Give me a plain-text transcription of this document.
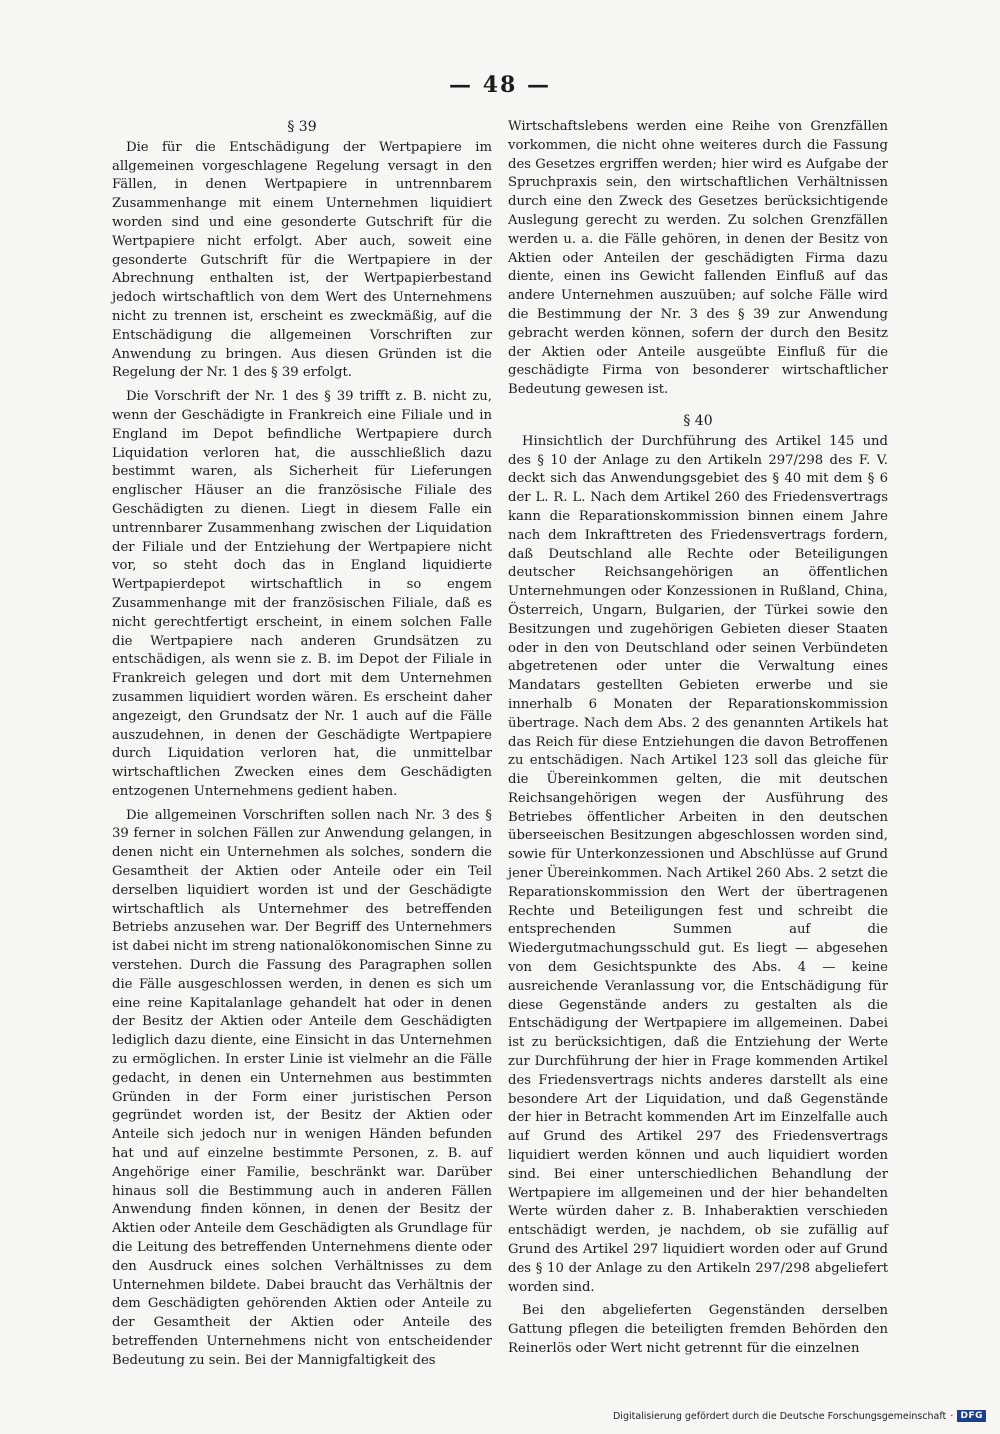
— 48 —
§ 39

Die für die Entschädigung der Wertpapiere im allgemeinen vorgeschlagene Regelung versagt in den Fällen, in denen Wertpapiere in untrennbarem Zusammenhange mit einem Unternehmen liquidiert worden sind und eine gesonderte Gutschrift für die Wertpapiere nicht erfolgt. Aber auch, soweit eine gesonderte Gutschrift für die Wertpapiere in der Abrechnung enthalten ist, der Wertpapierbestand jedoch wirtschaftlich von dem Wert des Unternehmens nicht zu trennen ist, erscheint es zweckmäßig, auf die Entschädigung die allgemeinen Vorschriften zur Anwendung zu bringen. Aus diesen Gründen ist die Regelung der Nr. 1 des § 39 erfolgt.

Die Vorschrift der Nr. 1 des § 39 trifft z. B. nicht zu, wenn der Geschädigte in Frankreich eine Filiale und in England im Depot befindliche Wertpapiere durch Liquidation verloren hat, die ausschließlich dazu bestimmt waren, als Sicherheit für Lieferungen englischer Häuser an die französische Filiale des Geschädigten zu dienen. Liegt in diesem Falle ein untrennbarer Zusammenhang zwischen der Liquidation der Filiale und der Entziehung der Wertpapiere nicht vor, so steht doch das in England liquidierte Wertpapierdepot wirtschaftlich in so engem Zusammenhange mit der französischen Filiale, daß es nicht gerechtfertigt erscheint, in einem solchen Falle die Wertpapiere nach anderen Grundsätzen zu entschädigen, als wenn sie z. B. im Depot der Filiale in Frankreich gelegen und dort mit dem Unternehmen zusammen liquidiert worden wären. Es erscheint daher angezeigt, den Grundsatz der Nr. 1 auch auf die Fälle auszudehnen, in denen der Geschädigte Wertpapiere durch Liquidation verloren hat, die unmittelbar wirtschaftlichen Zwecken eines dem Geschädigten entzogenen Unternehmens gedient haben.

Die allgemeinen Vorschriften sollen nach Nr. 3 des § 39 ferner in solchen Fällen zur Anwendung gelangen, in denen nicht ein Unternehmen als solches, sondern die Gesamtheit der Aktien oder Anteile oder ein Teil derselben liquidiert worden ist und der Geschädigte wirtschaftlich als Unternehmer des betreffenden Betriebs anzusehen war. Der Begriff des Unternehmers ist dabei nicht im streng nationalökonomischen Sinne zu verstehen. Durch die Fassung des Paragraphen sollen die Fälle ausgeschlossen werden, in denen es sich um eine reine Kapitalanlage gehandelt hat oder in denen der Besitz der Aktien oder Anteile dem Geschädigten lediglich dazu diente, eine Einsicht in das Unternehmen zu ermöglichen. In erster Linie ist vielmehr an die Fälle gedacht, in denen ein Unternehmen aus bestimmten Gründen in der Form einer juristischen Person gegründet worden ist, der Besitz der Aktien oder Anteile sich jedoch nur in wenigen Händen befunden hat und auf einzelne bestimmte Personen, z. B. auf Angehörige einer Familie, beschränkt war. Darüber hinaus soll die Bestimmung auch in anderen Fällen Anwendung finden können, in denen der Besitz der Aktien oder Anteile dem Geschädigten als Grundlage für die Leitung des betreffenden Unternehmens diente oder den Ausdruck eines solchen Verhältnisses zu dem Unternehmen bildete. Dabei braucht das Verhältnis der dem Geschädigten gehörenden Aktien oder Anteile zu der Gesamtheit der Aktien oder Anteile des betreffenden Unternehmens nicht von entscheidender Bedeutung zu sein. Bei der Mannigfaltigkeit des

Wirtschaftslebens werden eine Reihe von Grenzfällen vorkommen, die nicht ohne weiteres durch die Fassung des Gesetzes ergriffen werden; hier wird es Aufgabe der Spruchpraxis sein, den wirtschaftlichen Verhältnissen durch eine den Zweck des Gesetzes berücksichtigende Auslegung gerecht zu werden. Zu solchen Grenzfällen werden u. a. die Fälle gehören, in denen der Besitz von Aktien oder Anteilen der geschädigten Firma dazu diente, einen ins Gewicht fallenden Einfluß auf das andere Unternehmen auszuüben; auf solche Fälle wird die Bestimmung der Nr. 3 des § 39 zur Anwendung gebracht werden können, sofern der durch den Besitz der Aktien oder Anteile ausgeübte Einfluß für die geschädigte Firma von besonderer wirtschaftlicher Bedeutung gewesen ist.

§ 40

Hinsichtlich der Durchführung des Artikel 145 und des § 10 der Anlage zu den Artikeln 297/298 des F. V. deckt sich das Anwendungsgebiet des § 40 mit dem § 6 der L. R. L. Nach dem Artikel 260 des Friedensvertrags kann die Reparationskommission binnen einem Jahre nach dem Inkrafttreten des Friedensvertrags fordern, daß Deutschland alle Rechte oder Beteiligungen deutscher Reichsangehörigen an öffentlichen Unternehmungen oder Konzessionen in Rußland, China, Österreich, Ungarn, Bulgarien, der Türkei sowie den Besitzungen und zugehörigen Gebieten dieser Staaten oder in den von Deutschland oder seinen Verbündeten abgetretenen oder unter die Verwaltung eines Mandatars gestellten Gebieten erwerbe und sie innerhalb 6 Monaten der Reparationskommission übertrage. Nach dem Abs. 2 des genannten Artikels hat das Reich für diese Entziehungen die davon Betroffenen zu entschädigen. Nach Artikel 123 soll das gleiche für die Übereinkommen gelten, die mit deutschen Reichsangehörigen wegen der Ausführung des Betriebes öffentlicher Arbeiten in den deutschen überseeischen Besitzungen abgeschlossen worden sind, sowie für Unterkonzessionen und Abschlüsse auf Grund jener Übereinkommen. Nach Artikel 260 Abs. 2 setzt die Reparationskommission den Wert der übertragenen Rechte und Beteiligungen fest und schreibt die entsprechenden Summen auf die Wiedergutmachungsschuld gut. Es liegt — abgesehen von dem Gesichtspunkte des Abs. 4 — keine ausreichende Veranlassung vor, die Entschädigung für diese Gegenstände anders zu gestalten als die Entschädigung der Wertpapiere im allgemeinen. Dabei ist zu berücksichtigen, daß die Entziehung der Werte zur Durchführung der hier in Frage kommenden Artikel des Friedensvertrags nichts anderes darstellt als eine besondere Art der Liquidation, und daß Gegenstände der hier in Betracht kommenden Art im Einzelfalle auch auf Grund des Artikel 297 des Friedensvertrags liquidiert werden können und auch liquidiert worden sind. Bei einer unterschiedlichen Behandlung der Wertpapiere im allgemeinen und der hier behandelten Werte würden daher z. B. Inhaberaktien verschieden entschädigt werden, je nachdem, ob sie zufällig auf Grund des Artikel 297 liquidiert worden oder auf Grund des § 10 der Anlage zu den Artikeln 297/298 abgeliefert worden sind.

Bei den abgelieferten Gegenständen derselben Gattung pflegen die beteiligten fremden Behörden den Reinerlös oder Wert nicht getrennt für die einzelnen

Digitalisierung gefördert durch die Deutsche Forschungsgemeinschaft · DFG
